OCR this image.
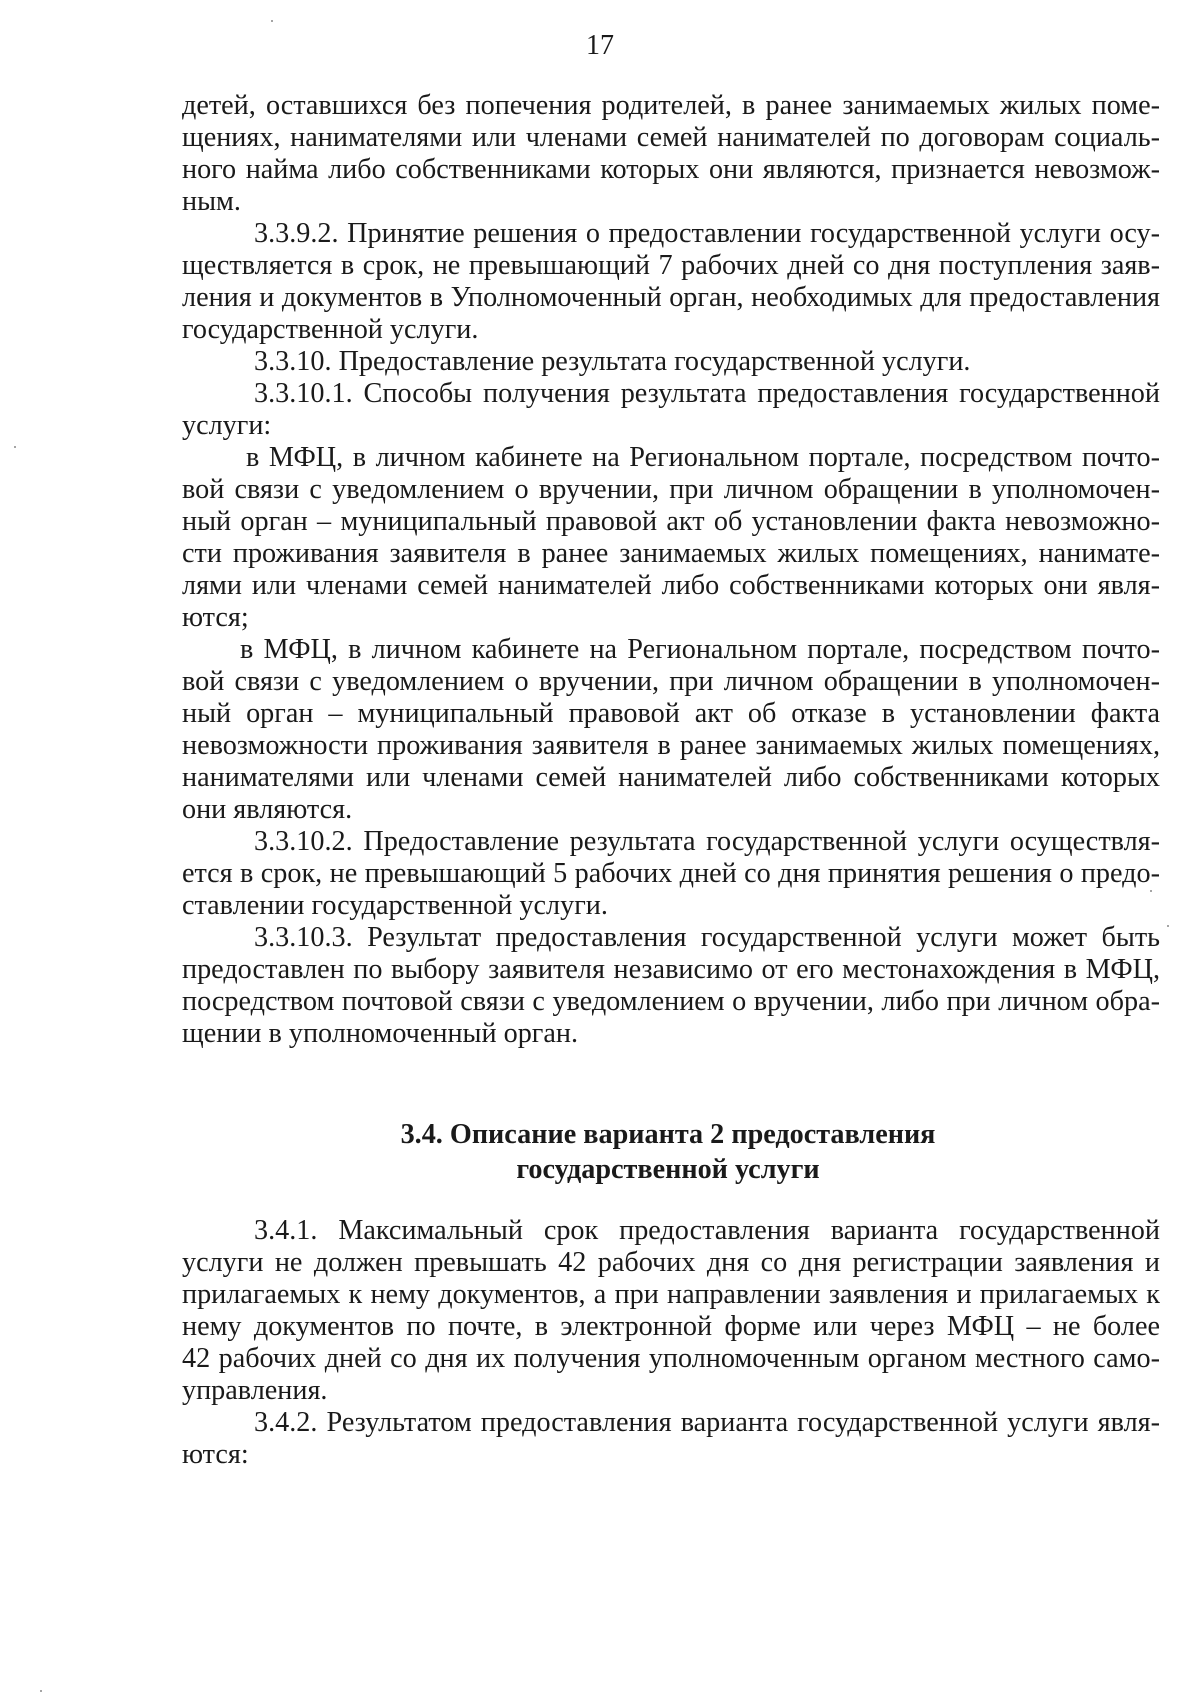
17
детей, оставшихся без попечения родителей, в ранее занимаемых жилых поме-
щениях, нанимателями или членами семей нанимателей по договорам социаль-
ного найма либо собственниками которых они являются, признается невозмож-
ным.
3.3.9.2. Принятие решения о предоставлении государственной услуги осу-
ществляется в срок, не превышающий 7 рабочих дней со дня поступления заяв-
ления и документов в Уполномоченный орган, необходимых для предоставления
государственной услуги.
3.3.10. Предоставление результата государственной услуги.
3.3.10.1. Способы получения результата предоставления государственной
услуги:
в МФЦ, в личном кабинете на Региональном портале, посредством почто-
вой связи с уведомлением о вручении, при личном обращении в уполномочен-
ный орган – муниципальный правовой акт об установлении факта невозможно-
сти проживания заявителя в ранее занимаемых жилых помещениях, нанимате-
лями или членами семей нанимателей либо собственниками которых они явля-
ются;
в МФЦ, в личном кабинете на Региональном портале, посредством почто-
вой связи с уведомлением о вручении, при личном обращении в уполномочен-
ный орган – муниципальный правовой акт об отказе в установлении факта
невозможности проживания заявителя в ранее занимаемых жилых помещениях,
нанимателями или членами семей нанимателей либо собственниками которых
они являются.
3.3.10.2. Предоставление результата государственной услуги осуществля-
ется в срок, не превышающий 5 рабочих дней со дня принятия решения о предо-
ставлении государственной услуги.
3.3.10.3. Результат предоставления государственной услуги может быть
предоставлен по выбору заявителя независимо от его местонахождения в МФЦ,
посредством почтовой связи с уведомлением о вручении, либо при личном обра-
щении в уполномоченный орган.
3.4. Описание варианта 2 предоставления
государственной услуги
3.4.1. Максимальный срок предоставления варианта государственной
услуги не должен превышать 42 рабочих дня со дня регистрации заявления и
прилагаемых к нему документов, а при направлении заявления и прилагаемых к
нему документов по почте, в электронной форме или через МФЦ – не более
42 рабочих дней со дня их получения уполномоченным органом местного само-
управления.
3.4.2. Результатом предоставления варианта государственной услуги явля-
ются:
